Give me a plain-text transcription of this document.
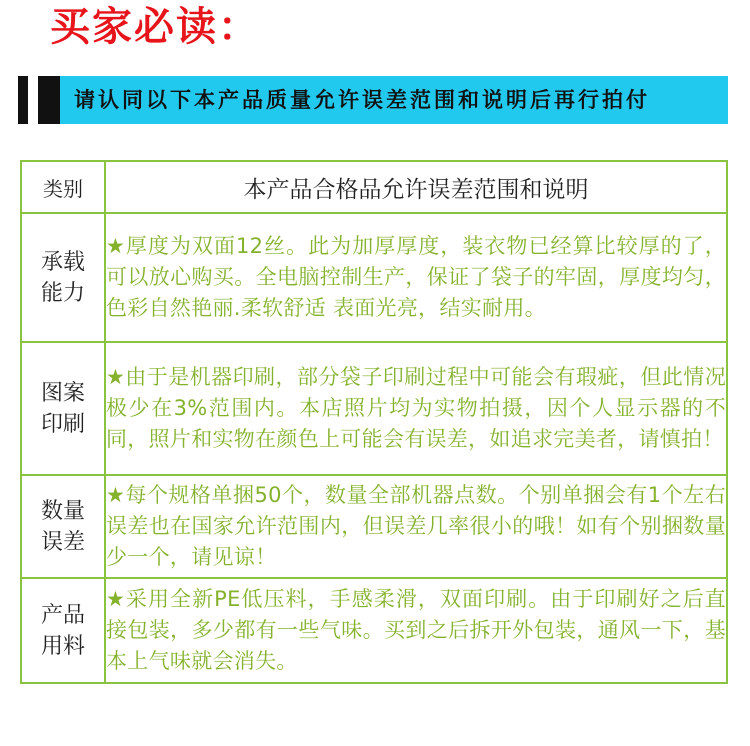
买家必读：
请认同以下本产品质量允许误差范围和说明后再行拍付
类别	本产品合格品允许误差范围和说明
承载
能力	★厚度为双面12丝。此为加厚厚度，装衣物已经算比较厚的了，可以放心购买。全电脑控制生产，保证了袋子的牢固，厚度均匀，色彩自然艳丽.柔软舒适 表面光亮，结实耐用。
图案
印刷	★由于是机器印刷，部分袋子印刷过程中可能会有瑕疵，但此情况极少在3%范围内。本店照片均为实物拍摄，因个人显示器的不同，照片和实物在颜色上可能会有误差，如追求完美者，请慎拍！
数量
误差	★每个规格单捆50个，数量全部机器点数。个别单捆会有1个左右误差也在国家允许范围内，但误差几率很小的哦！如有个别捆数量少一个，请见谅！
产品
用料	★采用全新PE低压料，手感柔滑，双面印刷。由于印刷好之后直接包装，多少都有一些气味。买到之后拆开外包装，通风一下，基本上气味就会消失。
